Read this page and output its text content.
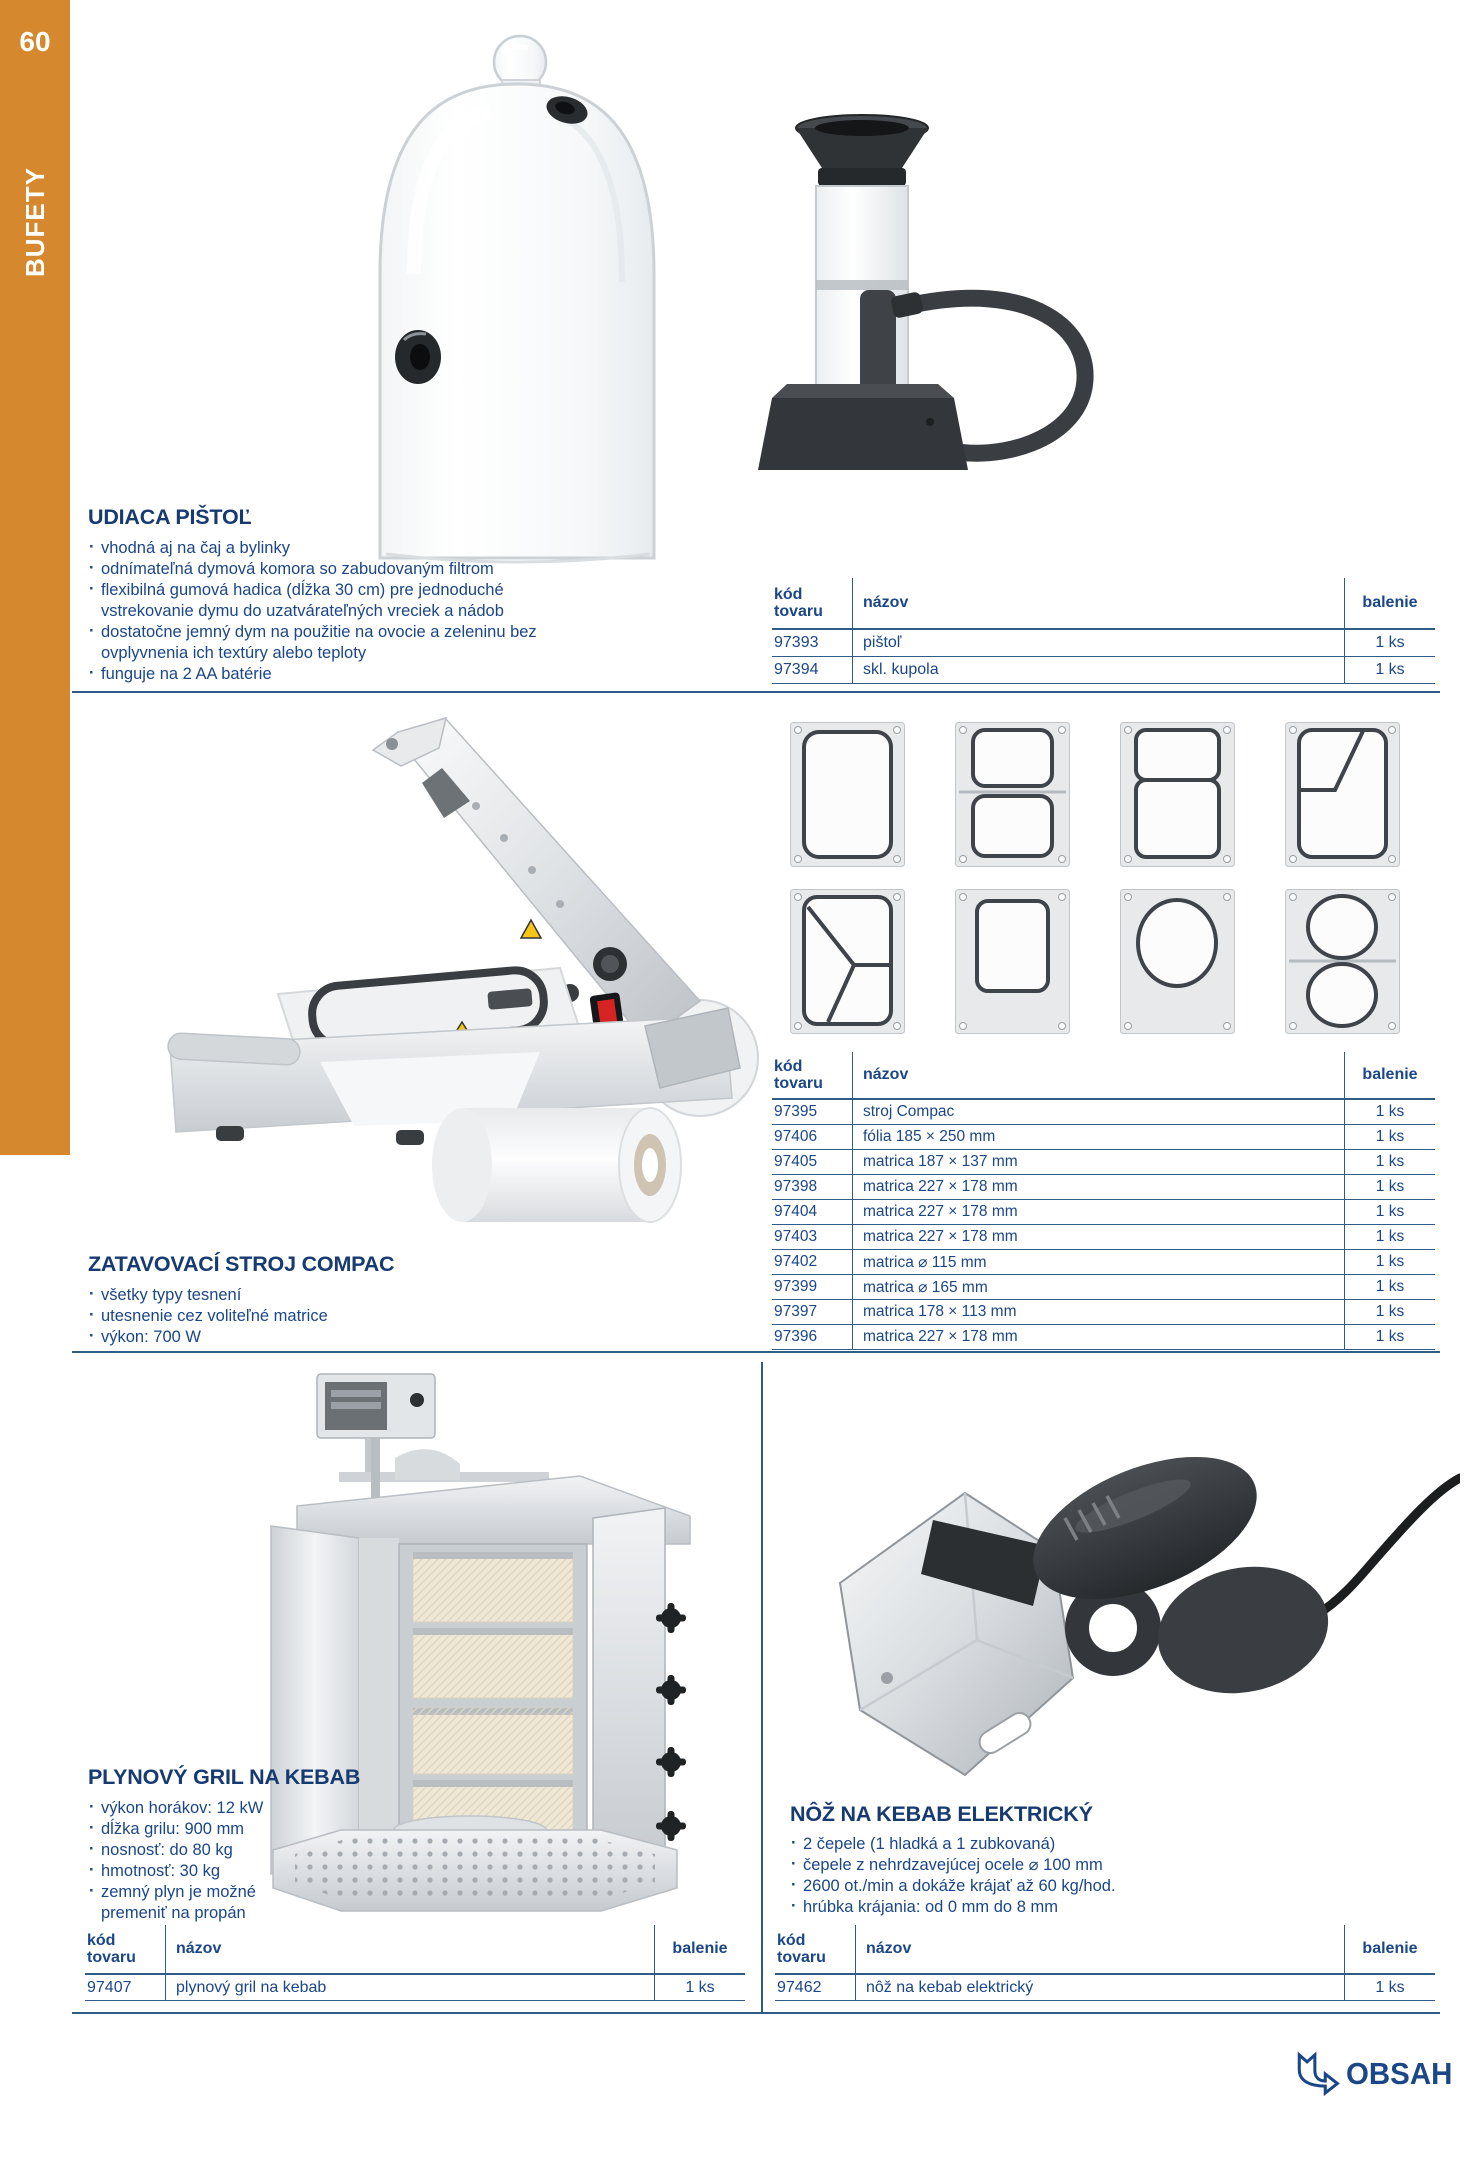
60
BUFETY
UDIACA PIŠTOĽ
· vhodná aj na čaj a bylinky
· odnímateľná dymová komora so zabudovaným filtrom
· flexibilná gumová hadica (dĺžka 30 cm) pre jednoduché vstrekovanie dymu do uzatvárateľných vreciek a nádob
· dostatočne jemný dym na použitie na ovocie a zeleninu bez ovplyvnenia ich textúry alebo teploty
· funguje na 2 AA batérie
kód tovaru
názov	balenie
97393	pištoľ	1 ks
97394	skl. kupola	1 ks
kód tovaru
názov	balenie
97395	stroj Compac	1 ks
97406	fólia 185 × 250 mm	1 ks
97405	matrica 187 × 137 mm	1 ks
97398	matrica 227 × 178 mm	1 ks
97404	matrica 227 × 178 mm	1 ks
97403	matrica 227 × 178 mm	1 ks
97402	matrica ⌀ 115 mm	1 ks
97399	matrica ⌀ 165 mm	1 ks
97397	matrica 178 × 113 mm	1 ks
97396	matrica 227 × 178 mm	1 ks
ZATAVOVACÍ STROJ COMPAC
· všetky typy tesnení
· utesnenie cez voliteľné matrice
· výkon: 700 W
PLYNOVÝ GRIL NA KEBAB
· výkon horákov: 12 kW
· dĺžka grilu: 900 mm
· nosnosť: do 80 kg
· hmotnosť: 30 kg
· zemný plyn je možné premeniť na propán
kód tovaru
názov	balenie
97407	plynový gril na kebab	1 ks
NÔŽ NA KEBAB ELEKTRICKÝ
· 2 čepele (1 hladká a 1 zubkovaná)
· čepele z nehrdzavejúcej ocele ⌀ 100 mm
· 2600 ot./min a dokáže krájať až 60 kg/hod.
· hrúbka krájania: od 0 mm do 8 mm
kód tovaru
názov	balenie
97462	nôž na kebab elektrický	1 ks
OBSAH
